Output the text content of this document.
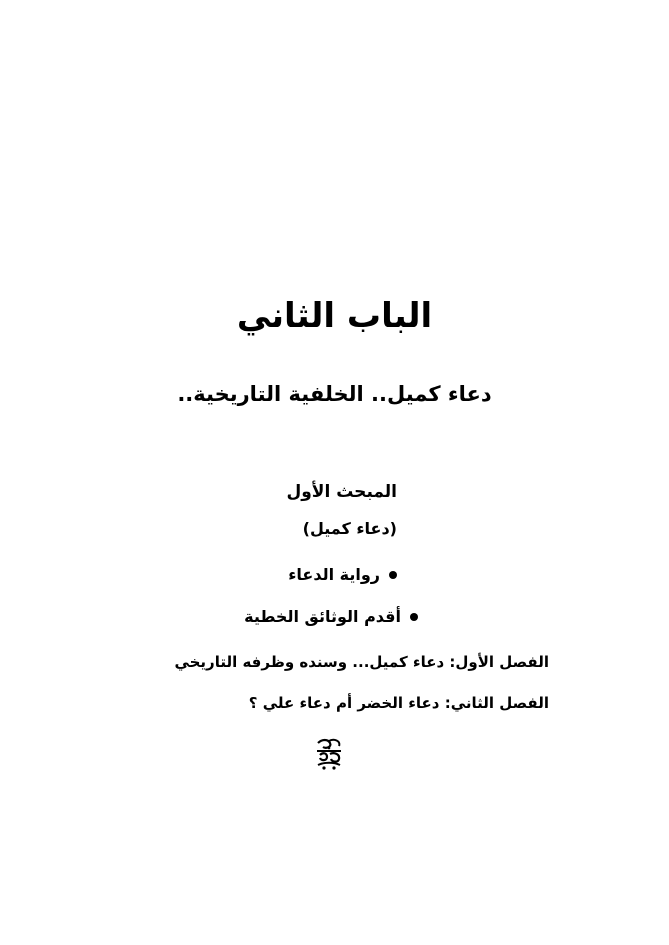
الباب الثاني
دعاء كميل.. الخلفية التاريخية..
المبحث الأول
(دعاء كميل)
رواية الدعاء
أقدم الوثائق الخطية
الفصل الأول: دعاء كميل... وسنده وظرفه التاريخي
الفصل الثاني: دعاء الخضر أم دعاء علي ؟
